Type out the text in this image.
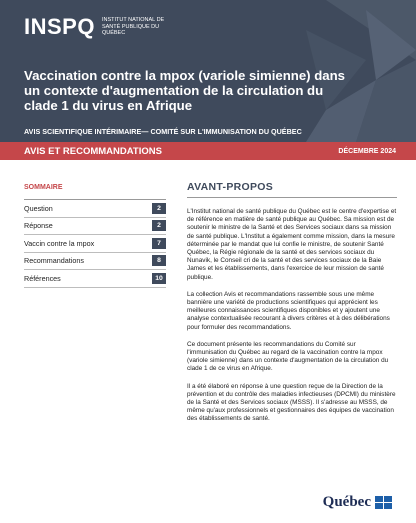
INSPQ INSTITUT NATIONAL DE SANTÉ PUBLIQUE DU QUÉBEC
Vaccination contre la mpox (variole simienne) dans un contexte d'augmentation de la circulation du clade 1 du virus en Afrique
AVIS SCIENTIFIQUE INTÉRIMAIRE— COMITÉ SUR L'IMMUNISATION DU QUÉBEC
AVIS ET RECOMMANDATIONS	DÉCEMBRE 2024
SOMMAIRE
Question	2
Réponse	2
Vaccin contre la mpox	7
Recommandations	8
Références	10
AVANT-PROPOS

L'Institut national de santé publique du Québec est le centre d'expertise et de référence en matière de santé publique au Québec. Sa mission est de soutenir le ministre de la Santé et des Services sociaux dans sa mission de santé publique. L'Institut a également comme mission, dans la mesure déterminée par le mandat que lui confie le ministre, de soutenir Santé Québec, la Régie régionale de la santé et des services sociaux du Nunavik, le Conseil cri de la santé et des services sociaux de la Baie James et les établissements, dans l'exercice de leur mission de santé publique.

La collection Avis et recommandations rassemble sous une même bannière une variété de productions scientifiques qui apprécient les meilleures connaissances scientifiques disponibles et y ajoutent une analyse contextualisée recourant à divers critères et à des délibérations pour formuler des recommandations.

Ce document présente les recommandations du Comité sur l'immunisation du Québec au regard de la vaccination contre la mpox (variole simienne) dans un contexte d'augmentation de la circulation du clade 1 de ce virus en Afrique.

Il a été élaboré en réponse à une question reçue de la Direction de la prévention et du contrôle des maladies infectieuses (DPCMI) du ministère de la Santé et des Services sociaux (MSSS). Il s'adresse au MSSS, de même qu'aux professionnels et gestionnaires des équipes de vaccination des établissements de santé.

Québec
